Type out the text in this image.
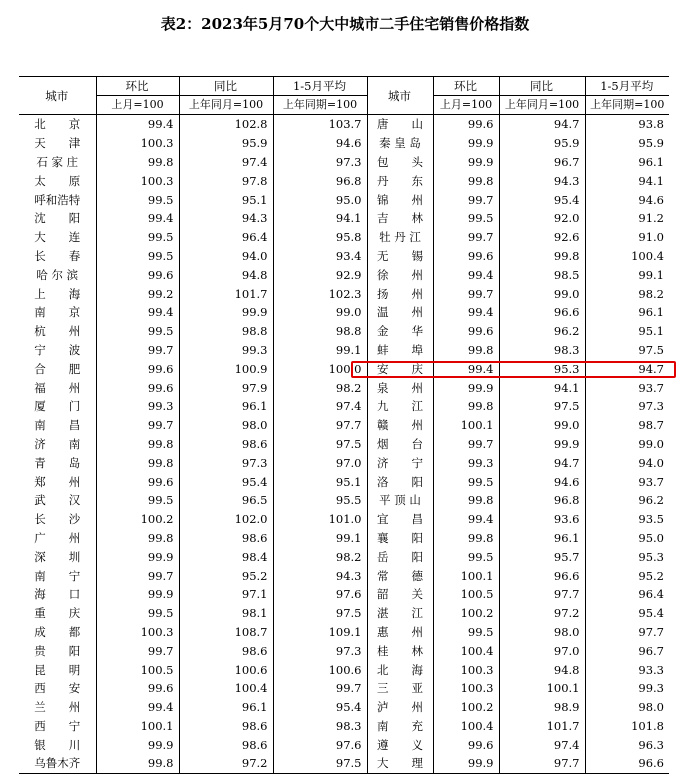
表2：2023年5月70个大中城市二手住宅销售价格指数
城市	环比	同比	1-5月平均	城市	环比	同比	1-5月平均
	上月=100	上年同月=100	上年同期=100		上月=100	上年同月=100	上年同期=100
北　　京	99.4	102.8	103.7	唐　　山	99.6	94.7	93.8
天　　津	100.3	95.9	94.6	秦 皇 岛	99.9	95.9	95.9
石 家 庄	99.8	97.4	97.3	包　　头	99.9	96.7	96.1
太　　原	100.3	97.8	96.8	丹　　东	99.8	94.3	94.1
呼和浩特	99.5	95.1	95.0	锦　　州	99.7	95.4	94.6
沈　　阳	99.4	94.3	94.1	吉　　林	99.5	92.0	91.2
大　　连	99.5	96.4	95.8	牡 丹 江	99.7	92.6	91.0
长　　春	99.5	94.0	93.4	无　　锡	99.6	99.8	100.4
哈 尔 滨	99.6	94.8	92.9	徐　　州	99.4	98.5	99.1
上　　海	99.2	101.7	102.3	扬　　州	99.7	99.0	98.2
南　　京	99.4	99.9	99.0	温　　州	99.4	96.6	96.1
杭　　州	99.5	98.8	98.8	金　　华	99.6	96.2	95.1
宁　　波	99.7	99.3	99.1	蚌　　埠	99.8	98.3	97.5
合　　肥	99.6	100.9	100.0	安　　庆	99.4	95.3	94.7
福　　州	99.6	97.9	98.2	泉　　州	99.9	94.1	93.7
厦　　门	99.3	96.1	97.4	九　　江	99.8	97.5	97.3
南　　昌	99.7	98.0	97.7	赣　　州	100.1	99.0	98.7
济　　南	99.8	98.6	97.5	烟　　台	99.7	99.9	99.0
青　　岛	99.8	97.3	97.0	济　　宁	99.3	94.7	94.0
郑　　州	99.6	95.4	95.1	洛　　阳	99.5	94.6	93.7
武　　汉	99.5	96.5	95.5	平 顶 山	99.8	96.8	96.2
长　　沙	100.2	102.0	101.0	宜　　昌	99.4	93.6	93.5
广　　州	99.8	98.6	99.1	襄　　阳	99.8	96.1	95.0
深　　圳	99.9	98.4	98.2	岳　　阳	99.5	95.7	95.3
南　　宁	99.7	95.2	94.3	常　　德	100.1	96.6	95.2
海　　口	99.9	97.1	97.6	韶　　关	100.5	97.7	96.4
重　　庆	99.5	98.1	97.5	湛　　江	100.2	97.2	95.4
成　　都	100.3	108.7	109.1	惠　　州	99.5	98.0	97.7
贵　　阳	99.7	98.6	97.3	桂　　林	100.4	97.0	96.7
昆　　明	100.5	100.6	100.6	北　　海	100.3	94.8	93.3
西　　安	99.6	100.4	99.7	三　　亚	100.3	100.1	99.3
兰　　州	99.4	96.1	95.4	泸　　州	100.2	98.9	98.0
西　　宁	100.1	98.6	98.3	南　　充	100.4	101.7	101.8
银　　川	99.9	98.6	97.6	遵　　义	99.6	97.4	96.3
乌鲁木齐	99.8	97.2	97.5	大　　理	99.9	97.7	96.6
